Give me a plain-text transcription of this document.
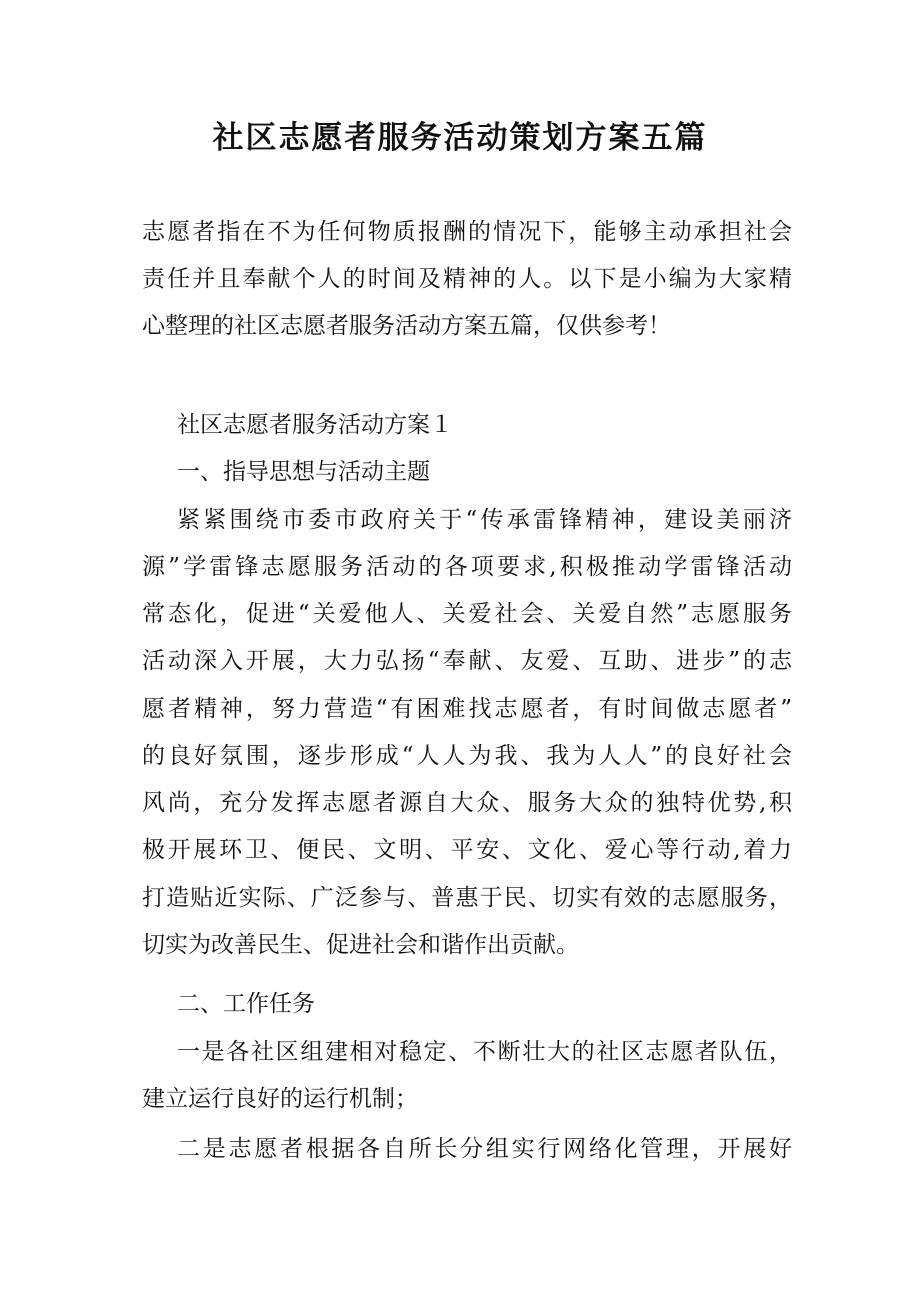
社区志愿者服务活动策划方案五篇

志愿者指在不为任何物质报酬的情况下，能够主动承担社会

责任并且奉献个人的时间及精神的人。以下是小编为大家精

心整理的社区志愿者服务活动方案五篇，仅供参考！

社区志愿者服务活动方案１

一、指导思想与活动主题

紧紧围绕市委市政府关于“传承雷锋精神，建设美丽济

源”学雷锋志愿服务活动的各项要求,积极推动学雷锋活动

常态化，促进“关爱他人、关爱社会、关爱自然”志愿服务

活动深入开展，大力弘扬“奉献、友爱、互助、进步”的志

愿者精神，努力营造“有困难找志愿者，有时间做志愿者”

的良好氛围，逐步形成“人人为我、我为人人”的良好社会

风尚，充分发挥志愿者源自大众、服务大众的独特优势,积

极开展环卫、便民、文明、平安、文化、爱心等行动,着力

打造贴近实际、广泛参与、普惠于民、切实有效的志愿服务，

切实为改善民生、促进社会和谐作出贡献。

二、工作任务

一是各社区组建相对稳定、不断壮大的社区志愿者队伍，

建立运行良好的运行机制；

二是志愿者根据各自所长分组实行网络化管理，开展好
